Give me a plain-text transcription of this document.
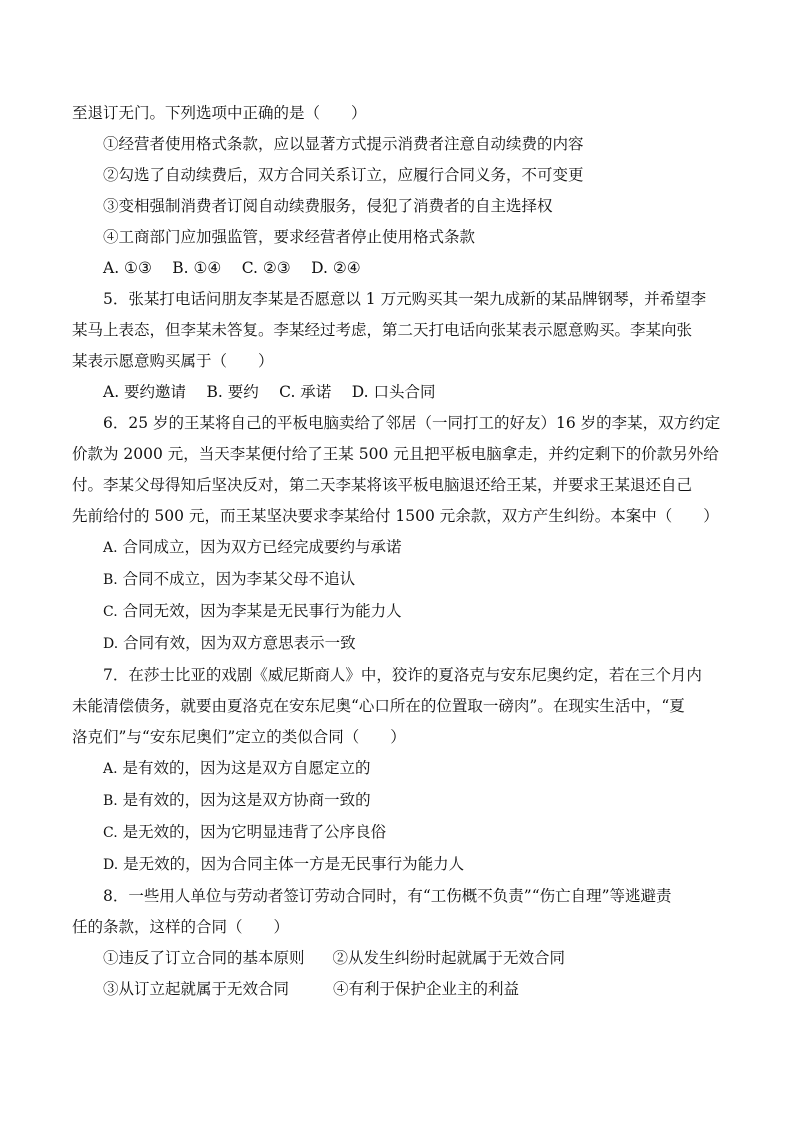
至退订无门。下列选项中正确的是（　　）
①经营者使用格式条款，应以显著方式提示消费者注意自动续费的内容
②勾选了自动续费后，双方合同关系订立，应履行合同义务，不可变更
③变相强制消费者订阅自动续费服务，侵犯了消费者的自主选择权
④工商部门应加强监管，要求经营者停止使用格式条款
A. ①③　 B. ①④　 C. ②③　 D. ②④
5．张某打电话问朋友李某是否愿意以 1 万元购买其一架九成新的某品牌钢琴，并希望李
某马上表态，但李某未答复。李某经过考虑，第二天打电话向张某表示愿意购买。李某向张
某表示愿意购买属于（　　）
A. 要约邀请　 B. 要约　 C. 承诺　 D. 口头合同
6．25 岁的王某将自己的平板电脑卖给了邻居（一同打工的好友）16 岁的李某，双方约定
价款为 2000 元，当天李某便付给了王某 500 元且把平板电脑拿走，并约定剩下的价款另外给
付。李某父母得知后坚决反对，第二天李某将该平板电脑退还给王某，并要求王某退还自己
先前给付的 500 元，而王某坚决要求李某给付 1500 元余款，双方产生纠纷。本案中（　　）
A. 合同成立，因为双方已经完成要约与承诺
B. 合同不成立，因为李某父母不追认
C. 合同无效，因为李某是无民事行为能力人
D. 合同有效，因为双方意思表示一致
7．在莎士比亚的戏剧《威尼斯商人》中，狡诈的夏洛克与安东尼奥约定，若在三个月内
未能清偿债务，就要由夏洛克在安东尼奥“心口所在的位置取一磅肉”。在现实生活中，“夏
洛克们”与“安东尼奥们”定立的类似合同（　　）
A. 是有效的，因为这是双方自愿定立的
B. 是有效的，因为这是双方协商一致的
C. 是无效的，因为它明显违背了公序良俗
D. 是无效的，因为合同主体一方是无民事行为能力人
8．一些用人单位与劳动者签订劳动合同时，有“工伤概不负责”“伤亡自理”等逃避责
任的条款，这样的合同（　　）
①违反了订立合同的基本原则 ②从发生纠纷时起就属于无效合同
③从订立起就属于无效合同	④有利于保护企业主的利益
